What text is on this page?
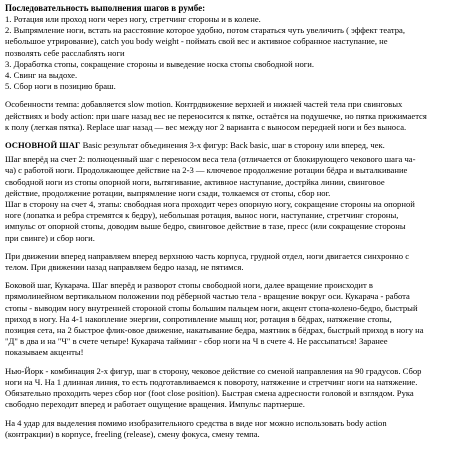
Последовательность выполнения шагов в румбе:
1. Ротация или проход ноги через ногу, стретчинг стороны и в колене.
2. Выпрямление ноги, встать на расстояние которое удобно, потом стараться чуть увеличить ( эффект театра,
небольшое утрирование), catch you body weight - поймать свой вес и активное собранное наступание, не
позволять себе расслаблять ноги
3. Доработка стопы, сокращение стороны и выведение носка стопы свободной ноги.
4. Свинг на выдохе.
5. Сбор ноги в позицию браш.
Особенности темпа: добавляется slow motion. Контрдвижение верхней и нижней частей тела при свинговых
действиях и body action: при шаге назад вес не переносится к пятке, остаётся на подушечке, но пятка прижимается
к полу (легкая пятка). Replace шаг назад — вес между ног 2 варианта с выносом передней ноги и без выноса.
ОСНОВНОЙ ШАГ Basic результат объединения 3-х фигур: Back basic, шаг в сторону или вперед, чек.
Шаг вперёд на счет 2: полноценный шаг с переносом веса тела (отличается от блокирующего чекового шага ча-
ча) с работой ноги. Продолжающее действие на 2-3 — ключевое продолжение ротации бёдра и выталкивание
свободной ноги из стопы опорной ноги, вытягивание, активное наступание, дострйка линии, свинговое
действие, продолжение ротации, выпрямление ноги сзади, толкаемся от стопы, сбор ног.
Шаг в сторону на счет 4, этапы: свободная нога проходит через опорную ногу, сокращение стороны на опорной
ноге (лопатка и ребра стремятся к бедру), небольшая ротация, вынос ноги, наступание, стретчинг стороны,
импульс от опорной стопы, доводим выше бедро, свинговое действие в тазе, пресс (или сокращение стороны
при свинге) и сбор ноги.
При движении вперед направляем вперед верхнюю часть корпуса, грудной отдел, ноги двигается синхронно с
телом. При движении назад направляем бедро назад, не пятимся.
Боковой шаг, Кукарача. Шаг вперёд и разворот стопы свободной ноги, далее вращение происходит в
прямолинейном вертикальном положении под рёберной частью тела - вращение вокруг оси. Кукарача - работа
стопы - выводим ногу внутренней стороной стопы большим пальцем ноги, акцент стопа-колено-бедро, быстрый
приход в ногу. На 4-1 накопление энергии, сопротивление мышц ног, ротация в бёдрах, натяжение стопы,
позиция сета, на 2 быстрое флик-овое движение, накатывание бедра, маятник в бёдрах, быстрый приход в ногу на
"Д" в два и на "Ч" в счете четыре! Кукарача тайминг - сбор ноги на Ч в счете 4. Не рассыпаться! Заранее
показываем акценты!
Нью-Йорк - комбинация 2-х фигур, шаг в сторону, чековое действие со сменой направления на 90 градусов. Сбор
ноги на Ч. На 1 длинная линия, то есть подготавливаемся к повороту, натяжение и стретчинг ноги на натяжение.
Обязательно проходить через сбор ног (foot close position). Быстрая смена адресности головой и взглядом. Рука
свободно переходит вперед и работает ощущение вращения. Импульс партнерше.
На 4 удар для выделения помимо изобразительного средства в виде ног можно использовать body action
(контракции) в корпусе, freeling (release), смену фокуса, смену темпа.
